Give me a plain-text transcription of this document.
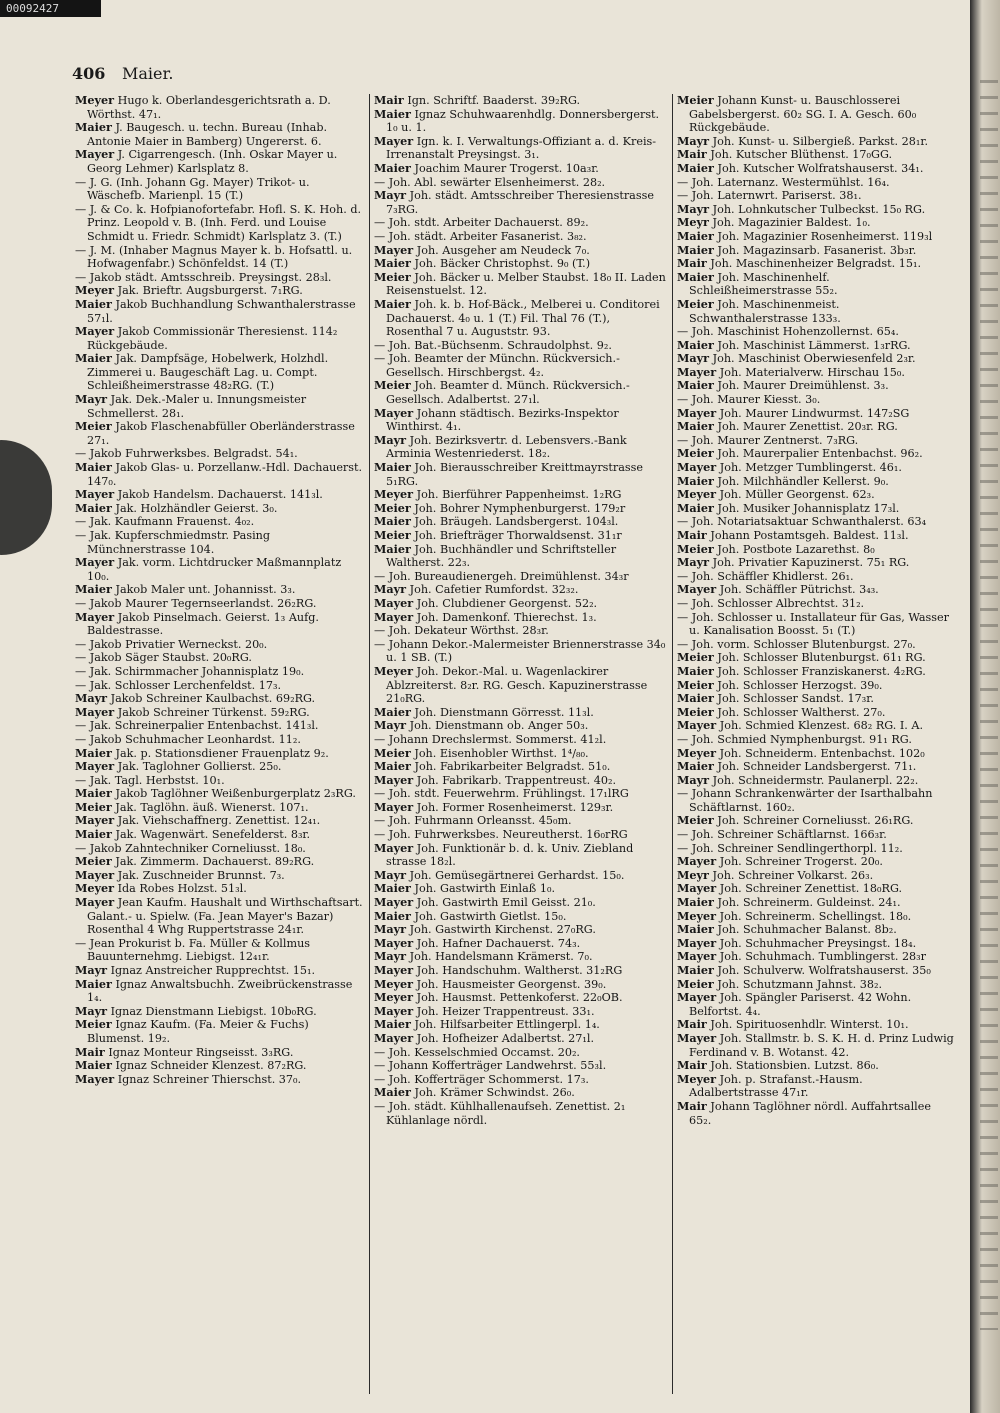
00092427
406 Maier.
Meyer Hugo k. Oberlandesgerichtsrath a. D. Wörthst. 47₁.
Maier J. Baugesch. u. techn. Bureau (Inhab. Antonie Maier in Bamberg) Ungererst. 6.
Mayer J. Cigarrengesch. (Inh. Oskar Mayer u. Georg Lehmer) Karlsplatz 8.
— J. G. (Inh. Johann Gg. Mayer) Trikot- u. Wäschefb. Marienpl. 15 (T.)
— J. & Co. k. Hofpianofortefabr. Hofl. S. K. Hoh. d. Prinz. Leopold v. B. (Inh. Ferd. und Louise Schmidt u. Friedr. Schmidt) Karlsplatz 3. (T.)
— J. M. (Inhaber Magnus Mayer k. b. Hofsattl. u. Hofwagenfabr.) Schönfeldst. 14 (T.)
— Jakob städt. Amtsschreib. Preysingst. 28₃l.
Meyer Jak. Brieftr. Augsburgerst. 7₁RG.
Maier Jakob Buchhandlung Schwanthalerstrasse 57₁l.
Mayer Jakob Commissionär Theresienst. 114₂ Rückgebäude.
Maier Jak. Dampfsäge, Hobelwerk, Holzhdl. Zimmerei u. Baugeschäft Lag. u. Compt. Schleißheimerstrasse 48₂RG. (T.)
Mayr Jak. Dek.-Maler u. Innungsmeister Schmellerst. 28₁.
Meier Jakob Flaschenabfüller Oberländerstrasse 27₁.
— Jakob Fuhrwerksbes. Belgradst. 54₁.
Maier Jakob Glas- u. Porzellanw.-Hdl. Dachauerst. 147₀.
Mayer Jakob Handelsm. Dachauerst. 141₃l.
Maier Jak. Holzhändler Geierst. 3₀.
— Jak. Kaufmann Frauenst. 4₀₂.
— Jak. Kupferschmiedmstr. Pasing Münchnerstrasse 104.
Mayer Jak. vorm. Lichtdrucker Maßmannplatz 10₀.
Maier Jakob Maler unt. Johannisst. 3₃.
— Jakob Maurer Tegernseerlandst. 26₂RG.
Mayer Jakob Pinselmach. Geierst. 1₃ Aufg. Baldestrasse.
— Jakob Privatier Werneckst. 20₀.
— Jakob Säger Staubst. 20₀RG.
— Jak. Schirmmacher Johannisplatz 19₀.
— Jak. Schlosser Lerchenfeldst. 17₃.
Mayr Jakob Schreiner Kaulbachst. 69₂RG.
Mayer Jakob Schreiner Türkenst. 59₂RG.
— Jak. Schreinerpalier Entenbachst. 141₃l.
— Jakob Schuhmacher Leonhardst. 11₂.
Maier Jak. p. Stationsdiener Frauenplatz 9₂.
Mayer Jak. Taglohner Gollierst. 25₀.
— Jak. Tagl. Herbstst. 10₁.
Maier Jakob Taglöhner Weißenburgerplatz 2₃RG.
Meier Jak. Taglöhn. äuß. Wienerst. 107₁.
Mayer Jak. Viehschaffnerg. Zenettist. 12₄₁.
Maier Jak. Wagenwärt. Senefelderst. 8₃r.
— Jakob Zahntechniker Corneliusst. 18₀.
Meier Jak. Zimmerm. Dachauerst. 89₂RG.
Mayer Jak. Zuschneider Brunnst. 7₃.
Meyer Ida Robes Holzst. 51₃l.
Mayer Jean Kaufm. Haushalt und Wirthschaftsart. Galant.- u. Spielw. (Fa. Jean Mayer's Bazar) Rosenthal 4 Whg Ruppertstrasse 24₁r.
— Jean Prokurist b. Fa. Müller & Kollmus Bauunternehmg. Liebigst. 12₄₁r.
Mayr Ignaz Anstreicher Rupprechtst. 15₁.
Maier Ignaz Anwaltsbuchh. Zweibrückenstrasse 1₄.
Mayr Ignaz Dienstmann Liebigst. 10b₀RG.
Meier Ignaz Kaufm. (Fa. Meier & Fuchs) Blumenst. 19₂.
Mair Ignaz Monteur Ringseisst. 3₃RG.
Maier Ignaz Schneider Klenzest. 87₂RG.
Mayer Ignaz Schreiner Thierschst. 37₀.
Mair Ign. Schriftf. Baaderst. 39₂RG.
Maier Ignaz Schuhwaarenhdlg. Donnersbergerst. 1₀ u. 1.
Mayer Ign. k. I. Verwaltungs-Offiziant a. d. Kreis-Irrenanstalt Preysingst. 3₁.
Maier Joachim Maurer Trogerst. 10a₃r.
— Joh. Abl. sewärter Elsenheimerst. 28₂.
Mayr Joh. städt. Amtsschreiber Theresienstrasse 7₃RG.
— Joh. stdt. Arbeiter Dachauerst. 89₂.
— Joh. städt. Arbeiter Fasanerist. 3₈₂.
Mayer Joh. Ausgeher am Neudeck 7₀.
Maier Joh. Bäcker Christophst. 9₀ (T.)
Meier Joh. Bäcker u. Melber Staubst. 18₀ II. Laden Reisenstuelst. 12.
Maier Joh. k. b. Hof-Bäck., Melberei u. Conditorei Dachauerst. 4₀ u. 1 (T.) Fil. Thal 76 (T.), Rosenthal 7 u. Auguststr. 93.
— Joh. Bat.-Büchsenm. Schraudolphst. 9₂.
— Joh. Beamter der Münchn. Rückversich.-Gesellsch. Hirschbergst. 4₂.
Meier Joh. Beamter d. Münch. Rückversich.-Gesellsch. Adalbertst. 27₁l.
Mayer Johann städtisch. Bezirks-Inspektor Winthirst. 4₁.
Mayr Joh. Bezirksvertr. d. Lebensvers.-Bank Arminia Westenriederst. 18₂.
Maier Joh. Bierausschreiber Kreittmayrstrasse 5₁RG.
Meyer Joh. Bierführer Pappenheimst. 1₂RG
Meier Joh. Bohrer Nymphenburgerst. 179₂r
Maier Joh. Bräugeh. Landsbergerst. 104₃l.
Meier Joh. Briefträger Thorwaldsenst. 31₁r
Maier Joh. Buchhändler und Schriftsteller Waltherst. 22₃.
— Joh. Bureaudienergeh. Dreimühlenst. 34₃r
Mayr Joh. Cafetier Rumfordst. 32₃₂.
Mayer Joh. Clubdiener Georgenst. 52₂.
Mayer Joh. Damenkonf. Thierechst. 1₃.
— Joh. Dekateur Wörthst. 28₃r.
— Johann Dekor.-Malermeister Briennerstrasse 34₀ u. 1 SB. (T.)
Meyer Joh. Dekor.-Mal. u. Wagenlackirer Ablzreiterst. 8₂r. RG. Gesch. Kapuzinerstrasse 21₀RG.
Maier Joh. Dienstmann Görresst. 11₃l.
Mayr Joh. Dienstmann ob. Anger 50₃.
— Johann Drechslermst. Sommerst. 41₂l.
Meier Joh. Eisenhobler Wirthst. 1⁴/₈₀.
Maier Joh. Fabrikarbeiter Belgradst. 51₀.
Mayer Joh. Fabrikarb. Trappentreust. 40₂.
— Joh. stdt. Feuerwehrm. Frühlingst. 17₁lRG
Mayer Joh. Former Rosenheimerst. 129₃r.
— Joh. Fuhrmann Orleansst. 45₀m.
— Joh. Fuhrwerksbes. Neureutherst. 16₀rRG
Mayer Joh. Funktionär b. d. k. Univ. Ziebland strasse 18₂l.
Mayr Joh. Gemüsegärtnerei Gerhardst. 15₀.
Maier Joh. Gastwirth Einlaß 1₀.
Mayer Joh. Gastwirth Emil Geisst. 21₀.
Maier Joh. Gastwirth Gietlst. 15₀.
Mayr Joh. Gastwirth Kirchenst. 27₀RG.
Mayer Joh. Hafner Dachauerst. 74₃.
Mayr Joh. Handelsmann Krämerst. 7₀.
Mayer Joh. Handschuhm. Waltherst. 31₂RG
Meyer Joh. Hausmeister Georgenst. 39₀.
Meyer Joh. Hausmst. Pettenkoferst. 22₀OB.
Mayer Joh. Heizer Trappentreust. 33₁.
Maier Joh. Hilfsarbeiter Ettlingerpl. 1₄.
Mayer Joh. Hofheizer Adalbertst. 27₁l.
— Joh. Kesselschmied Occamst. 20₂.
— Johann Kofferträger Landwehrst. 55₃l.
— Joh. Kofferträger Schommerst. 17₃.
Maier Joh. Krämer Schwindst. 26₀.
— Joh. städt. Kühlhallenaufseh. Zenettist. 2₁ Kühlanlage nördl.
Meier Johann Kunst- u. Bauschlosserei Gabelsbergerst. 60₂ SG. I. A. Gesch. 60₀ Rückgebäude.
Mayr Joh. Kunst- u. Silbergieß. Parkst. 28₁r.
Mair Joh. Kutscher Blüthenst. 17₀GG.
Maier Joh. Kutscher Wolfratshauserst. 34₁.
— Joh. Laternanz. Westermühlst. 16₄.
— Joh. Laternwrt. Pariserst. 38₁.
Mayr Joh. Lohnkutscher Tulbeckst. 15₀ RG.
Meyr Joh. Magazinier Baldest. 1₀.
Maier Joh. Magazinier Rosenheimerst. 119₃l
Maier Joh. Magazinsarb. Fasanerist. 3b₃r.
Mair Joh. Maschinenheizer Belgradst. 15₁.
Maier Joh. Maschinenhelf. Schleißheimerstrasse 55₂.
Meier Joh. Maschinenmeist. Schwanthalerstrasse 133₃.
— Joh. Maschinist Hohenzollernst. 65₄.
Maier Joh. Maschinist Lämmerst. 1₃rRG.
Mayr Joh. Maschinist Oberwiesenfeld 2₃r.
Mayer Joh. Materialverw. Hirschau 15₀.
Maier Joh. Maurer Dreimühlenst. 3₃.
— Joh. Maurer Kiesst. 3₀.
Mayer Joh. Maurer Lindwurmst. 147₂SG
Maier Joh. Maurer Zenettist. 20₃r. RG.
— Joh. Maurer Zentnerst. 7₃RG.
Meier Joh. Maurerpalier Entenbachst. 96₂.
Mayer Joh. Metzger Tumblingerst. 46₁.
Maier Joh. Milchhändler Kellerst. 9₀.
Meyer Joh. Müller Georgenst. 62₃.
Maier Joh. Musiker Johannisplatz 17₃l.
— Joh. Notariatsaktuar Schwanthalerst. 63₄
Mair Johann Postamtsgeh. Baldest. 11₃l.
Meier Joh. Postbote Lazarethst. 8₀
Mayr Joh. Privatier Kapuzinerst. 75₁ RG.
— Joh. Schäffler Khidlerst. 26₁.
Mayer Joh. Schäffler Pütrichst. 3₄₃.
— Joh. Schlosser Albrechtst. 31₂.
— Joh. Schlosser u. Installateur für Gas, Wasser u. Kanalisation Boosst. 5₁ (T.)
— Joh. vorm. Schlosser Blutenburgst. 27₀.
Meier Joh. Schlosser Blutenburgst. 61₁ RG.
Maier Joh. Schlosser Franziskanerst. 4₂RG.
Meier Joh. Schlosser Herzogst. 39₀.
Maier Joh. Schlosser Sandst. 17₃r.
Meier Joh. Schlosser Waltherst. 27₀.
Mayer Joh. Schmied Klenzest. 68₂ RG. I. A.
— Joh. Schmied Nymphenburgst. 91₁ RG.
Meyer Joh. Schneiderm. Entenbachst. 102₀
Maier Joh. Schneider Landsbergerst. 71₁.
Mayr Joh. Schneidermstr. Paulanerpl. 22₂.
— Johann Schrankenwärter der Isarthalbahn Schäftlarnst. 160₂.
Meier Joh. Schreiner Corneliusst. 26₁RG.
— Joh. Schreiner Schäftlarnst. 166₃r.
— Joh. Schreiner Sendlingerthorpl. 11₂.
Mayer Joh. Schreiner Trogerst. 20₀.
Meyr Joh. Schreiner Volkarst. 26₃.
Mayer Joh. Schreiner Zenettist. 18₀RG.
Maier Joh. Schreinerm. Guldeinst. 24₁.
Meyer Joh. Schreinerm. Schellingst. 18₀.
Maier Joh. Schuhmacher Balanst. 8b₂.
Mayer Joh. Schuhmacher Preysingst. 18₄.
Mayer Joh. Schuhmach. Tumblingerst. 28₃r
Maier Joh. Schulverw. Wolfratshauserst. 35₀
Meier Joh. Schutzmann Jahnst. 38₂.
Mayer Joh. Spängler Pariserst. 42 Wohn. Belfortst. 4₄.
Mair Joh. Spirituosenhdlr. Winterst. 10₁.
Mayer Joh. Stallmstr. b. S. K. H. d. Prinz Ludwig Ferdinand v. B. Wotanst. 42.
Mair Joh. Stationsbien. Lutzst. 86₀.
Meyer Joh. p. Strafanst.-Hausm. Adalbertstrasse 47₁r.
Mair Johann Taglöhner nördl. Auffahrtsallee 65₂.
